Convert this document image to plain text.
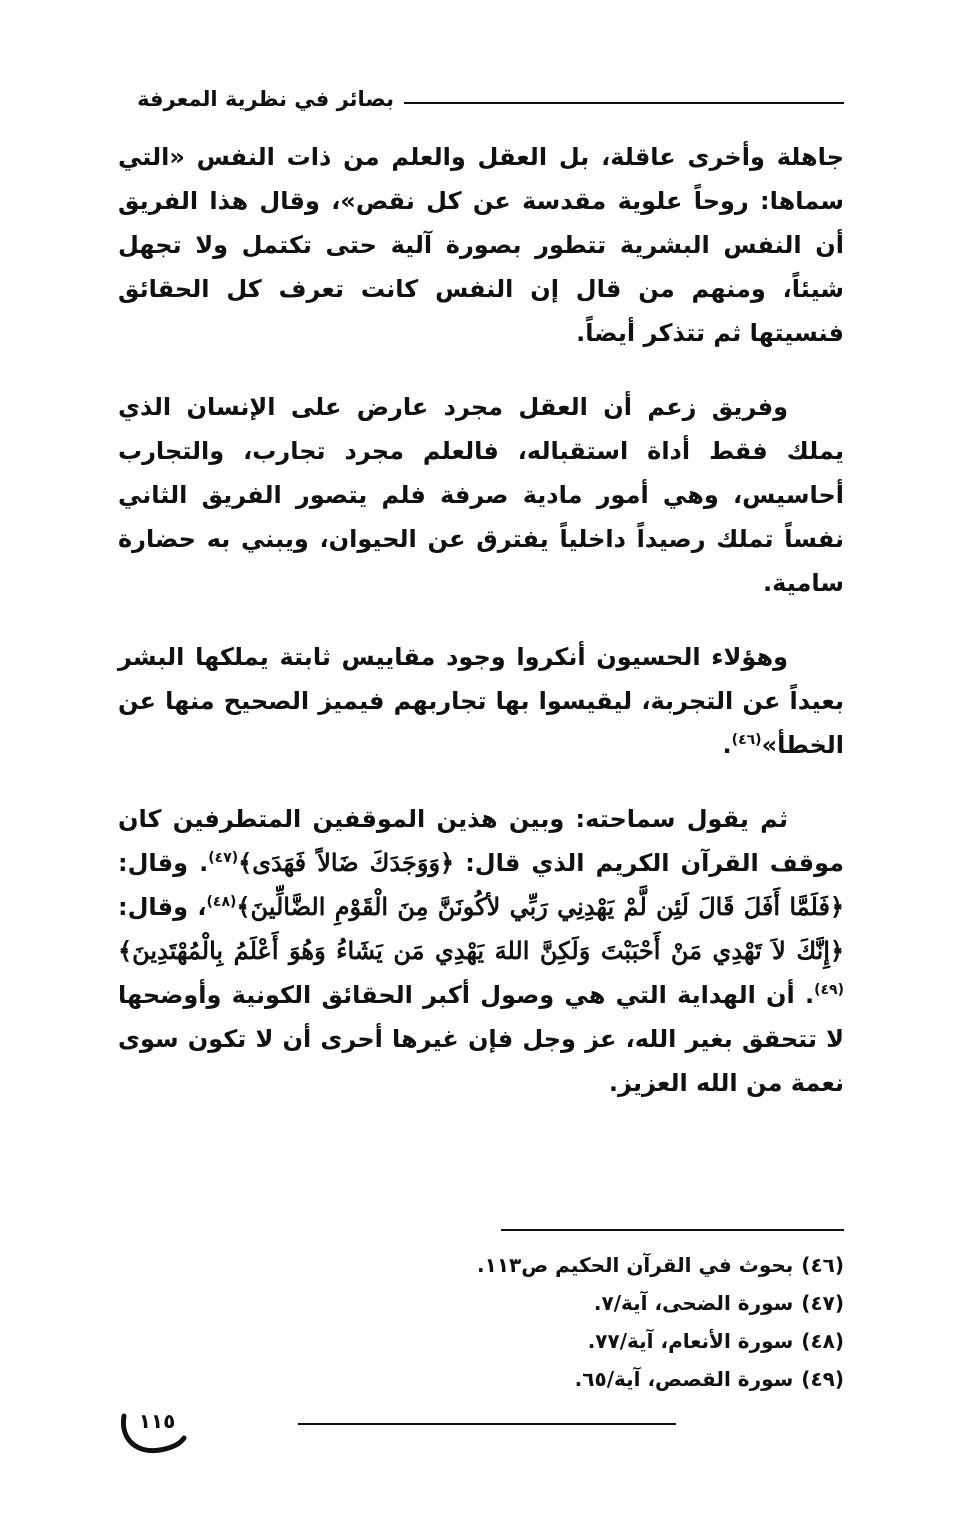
بصائر في نظرية المعرفة

جاهلة وأخرى عاقلة، بل العقل والعلم من ذات النفس «التي سماها: روحاً علوية مقدسة عن كل نقص»، وقال هذا الفريق أن النفس البشرية تتطور بصورة آلية حتى تكتمل ولا تجهل شيئاً، ومنهم من قال إن النفس كانت تعرف كل الحقائق فنسيتها ثم تتذكر أيضاً.

وفريق زعم أن العقل مجرد عارض على الإنسان الذي يملك فقط أداة استقباله، فالعلم مجرد تجارب، والتجارب أحاسيس، وهي أمور مادية صرفة فلم يتصور الفريق الثاني نفساً تملك رصيداً داخلياً يفترق عن الحيوان، ويبني به حضارة سامية.

وهؤلاء الحسيون أنكروا وجود مقاييس ثابتة يملكها البشر بعيداً عن التجربة، ليقيسوا بها تجاربهم فيميز الصحيح منها عن الخطأ»$^{(٤٦)}$.

ثم يقول سماحته: وبين هذين الموقفين المتطرفين كان موقف القرآن الكريم الذي قال: ﴿وَوَجَدَكَ ضَالاً فَهَدَى﴾$^{(٤٧)}$. وقال: ﴿فَلَمَّا أَفَلَ قَالَ لَئِن لَّمْ يَهْدِنِي رَبِّي لأكُونَنَّ مِنَ الْقَوْمِ الضَّالِّينَ﴾$^{(٤٨)}$، وقال: ﴿إِنَّكَ لاَ تَهْدِي مَنْ أَحْبَبْتَ وَلَكِنَّ اللهَ يَهْدِي مَن يَشَاءُ وَهُوَ أَعْلَمُ بِالْمُهْتَدِينَ﴾$^{(٤٩)}$. أن الهداية التي هي وصول أكبر الحقائق الكونية وأوضحها لا تتحقق بغير الله، عز وجل فإن غيرها أحرى أن لا تكون سوى نعمة من الله العزيز.

(٤٦)بحوث في القرآن الحكيم ص١١٣.
(٤٧)سورة الضحى، آية/٧.
(٤٨)سورة الأنعام، آية/٧٧.
(٤٩)سورة القصص، آية/٦٥.
١١٥
